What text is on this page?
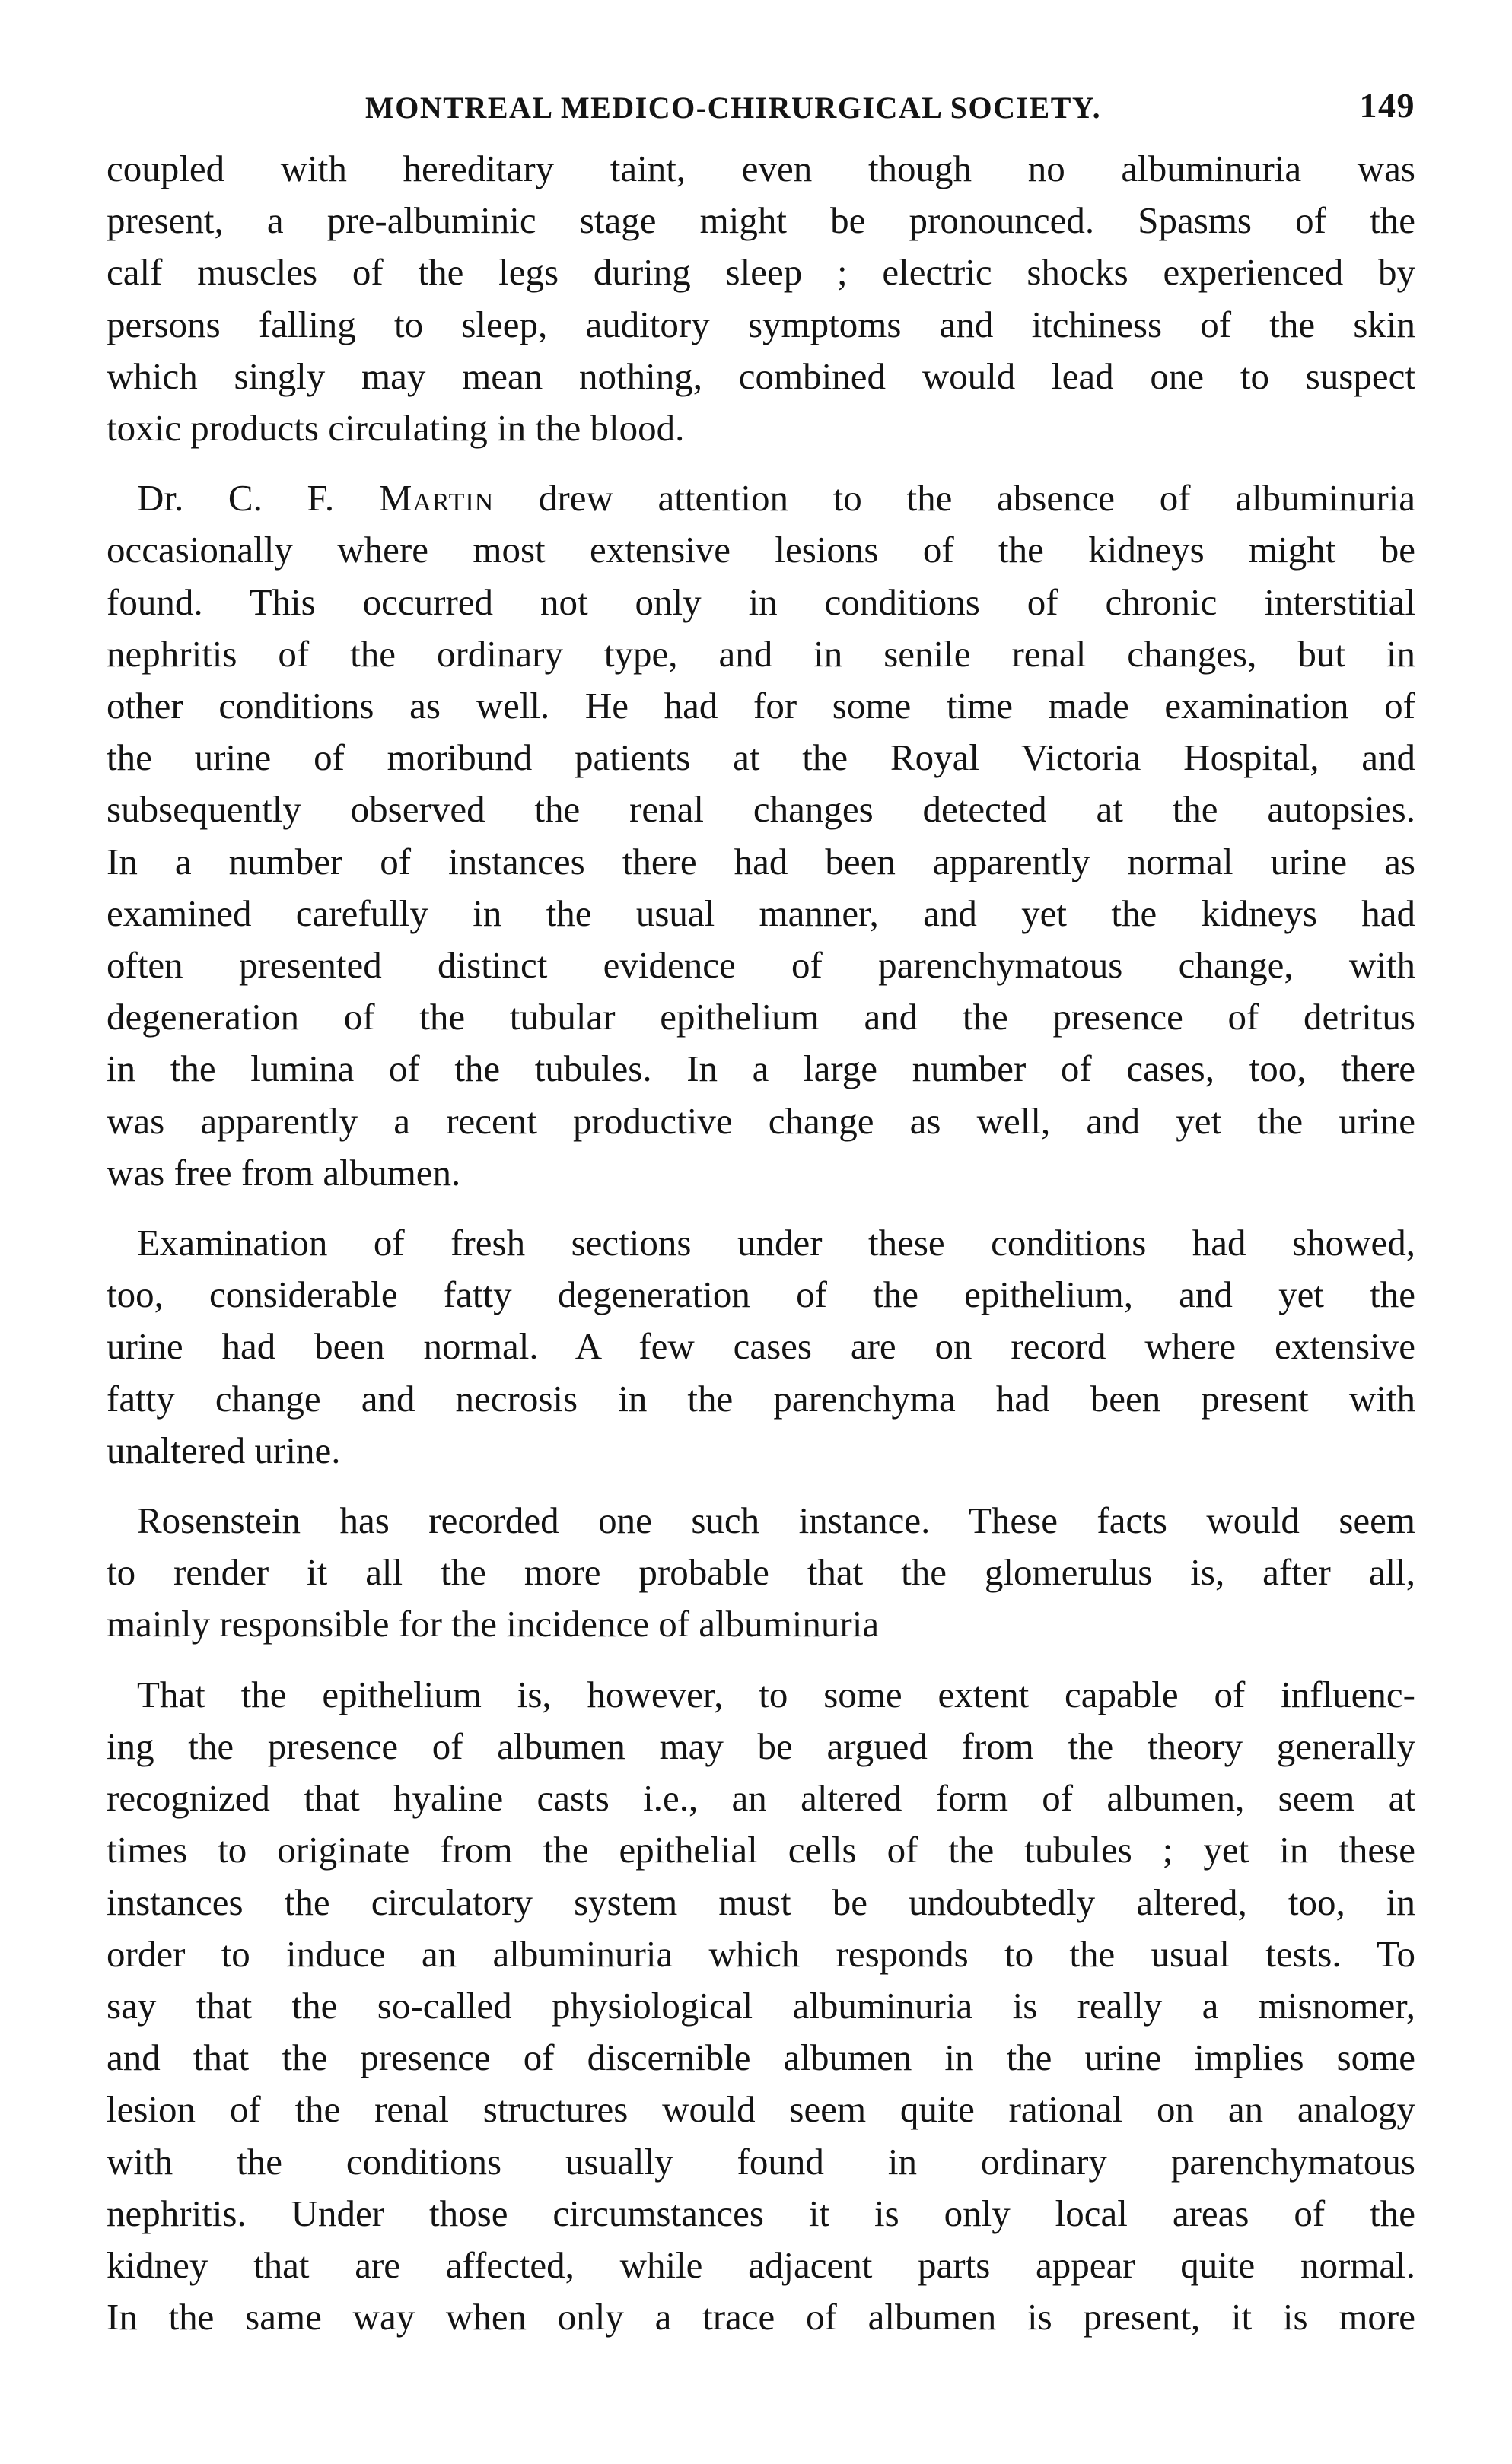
MONTREAL MEDICO-CHIRURGICAL SOCIETY.	149

coupled with hereditary taint, even though no albuminuria was

present, a pre-albuminic stage might be pronounced. Spasms of the

calf muscles of the legs during sleep ; electric shocks experienced by

persons falling to sleep, auditory symptoms and itchiness of the skin

which singly may mean nothing, combined would lead one to suspect

toxic products circulating in the blood.

Dr. C. F. Martin drew attention to the absence of albuminuria

occasionally where most extensive lesions of the kidneys might be

found. This occurred not only in conditions of chronic interstitial

nephritis of the ordinary type, and in senile renal changes, but in

other conditions as well. He had for some time made examination of

the urine of moribund patients at the Royal Victoria Hospital, and

subsequently observed the renal changes detected at the autopsies.

In a number of instances there had been apparently normal urine as

examined carefully in the usual manner, and yet the kidneys had

often presented distinct evidence of parenchymatous change, with

degeneration of the tubular epithelium and the presence of detritus

in the lumina of the tubules. In a large number of cases, too, there

was apparently a recent productive change as well, and yet the urine

was free from albumen.

Examination of fresh sections under these conditions had showed,

too, considerable fatty degeneration of the epithelium, and yet the

urine had been normal. A few cases are on record where extensive

fatty change and necrosis in the parenchyma had been present with

unaltered urine.

Rosenstein has recorded one such instance. These facts would seem

to render it all the more probable that the glomerulus is, after all,

mainly responsible for the incidence of albuminuria

That the epithelium is, however, to some extent capable of influenc-

ing the presence of albumen may be argued from the theory generally

recognized that hyaline casts i.e., an altered form of albumen, seem at

times to originate from the epithelial cells of the tubules ; yet in these

instances the circulatory system must be undoubtedly altered, too, in

order to induce an albuminuria which responds to the usual tests. To

say that the so-called physiological albuminuria is really a misnomer,

and that the presence of discernible albumen in the urine implies some

lesion of the renal structures would seem quite rational on an analogy

with the conditions usually found in ordinary parenchymatous

nephritis. Under those circumstances it is only local areas of the

kidney that are affected, while adjacent parts appear quite normal.

In the same way when only a trace of albumen is present, it is more
